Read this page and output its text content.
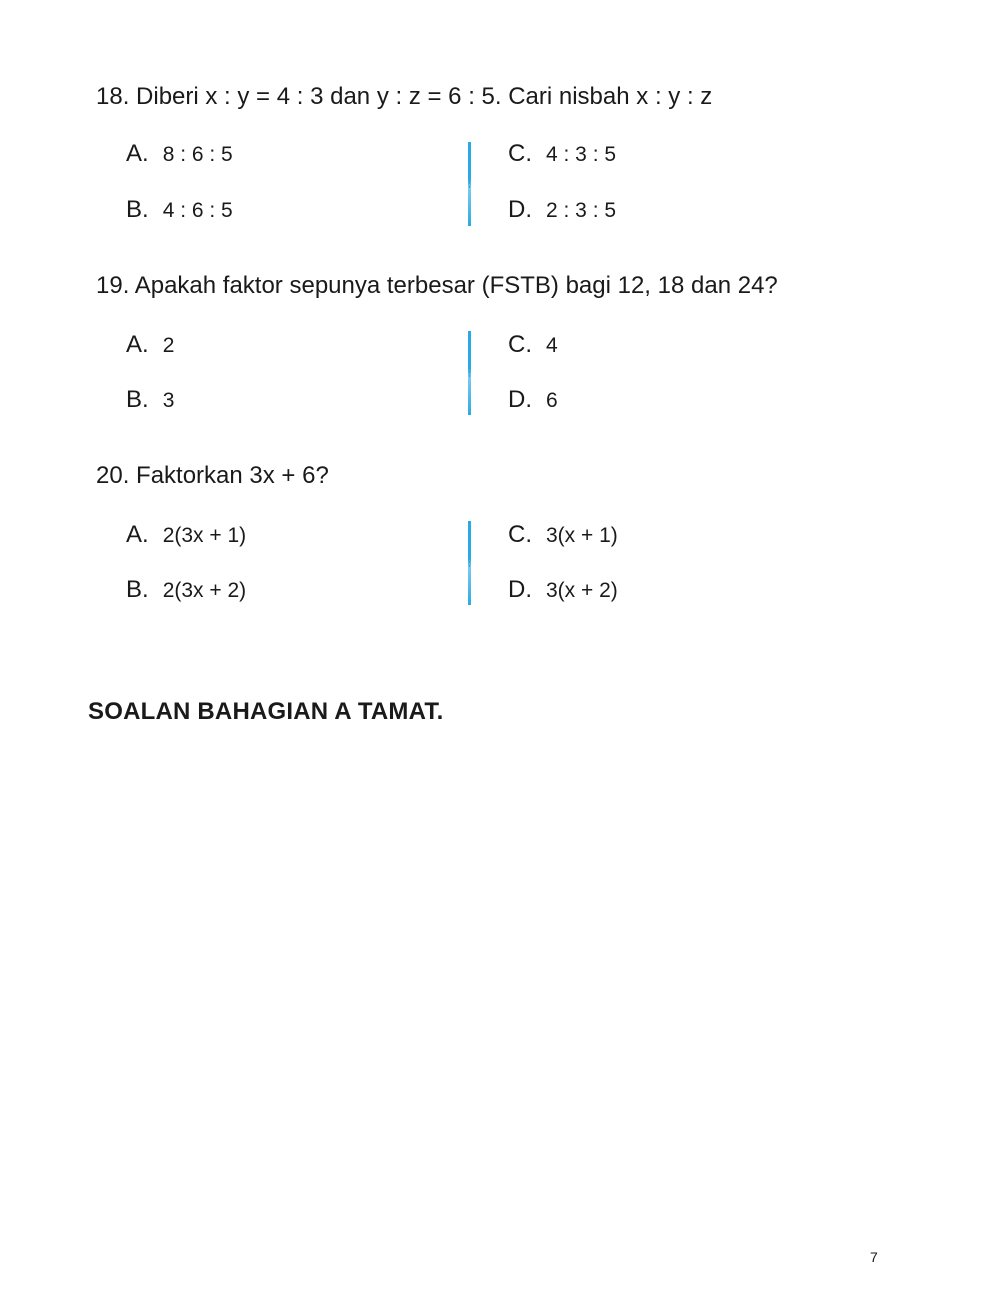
18. Diberi x : y = 4 : 3 dan y : z = 6 : 5. Cari nisbah x : y : z
A. 8 : 6 : 5
B. 4 : 6 : 5
C. 4 : 3 : 5
D. 2 : 3 : 5
19. Apakah faktor sepunya terbesar (FSTB) bagi 12, 18 dan 24?
A. 2
B. 3
C. 4
D. 6
20. Faktorkan 3x + 6?
A. 2(3x + 1)
B. 2(3x + 2)
C. 3(x + 1)
D. 3(x + 2)
SOALAN BAHAGIAN A TAMAT.
7
